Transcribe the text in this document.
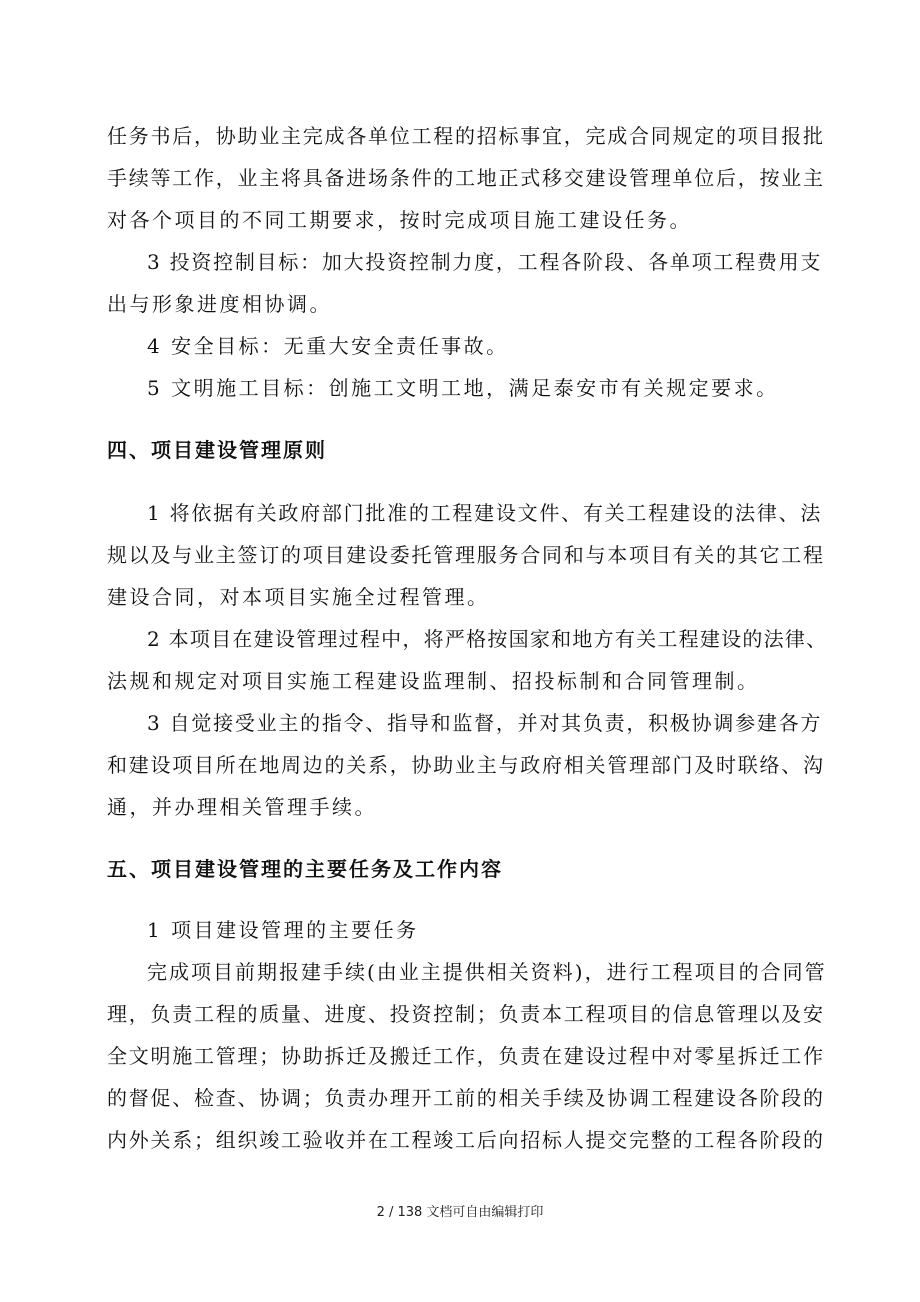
任务书后，协助业主完成各单位工程的招标事宜，完成合同规定的项目报批
手续等工作，业主将具备进场条件的工地正式移交建设管理单位后，按业主
对各个项目的不同工期要求，按时完成项目施工建设任务。
3 投资控制目标：加大投资控制力度，工程各阶段、各单项工程费用支
出与形象进度相协调。
4 安全目标：无重大安全责任事故。
5 文明施工目标：创施工文明工地，满足泰安市有关规定要求。
四、项目建设管理原则
1 将依据有关政府部门批准的工程建设文件、有关工程建设的法律、法
规以及与业主签订的项目建设委托管理服务合同和与本项目有关的其它工程
建设合同，对本项目实施全过程管理。
2 本项目在建设管理过程中，将严格按国家和地方有关工程建设的法律、
法规和规定对项目实施工程建设监理制、招投标制和合同管理制。
3 自觉接受业主的指令、指导和监督，并对其负责，积极协调参建各方
和建设项目所在地周边的关系，协助业主与政府相关管理部门及时联络、沟
通，并办理相关管理手续。
五、项目建设管理的主要任务及工作内容
1 项目建设管理的主要任务
完成项目前期报建手续(由业主提供相关资料)，进行工程项目的合同管
理，负责工程的质量、进度、投资控制；负责本工程项目的信息管理以及安
全文明施工管理；协助拆迁及搬迁工作，负责在建设过程中对零星拆迁工作
的督促、检查、协调；负责办理开工前的相关手续及协调工程建设各阶段的
内外关系；组织竣工验收并在工程竣工后向招标人提交完整的工程各阶段的
2 / 138 文档可自由编辑打印
